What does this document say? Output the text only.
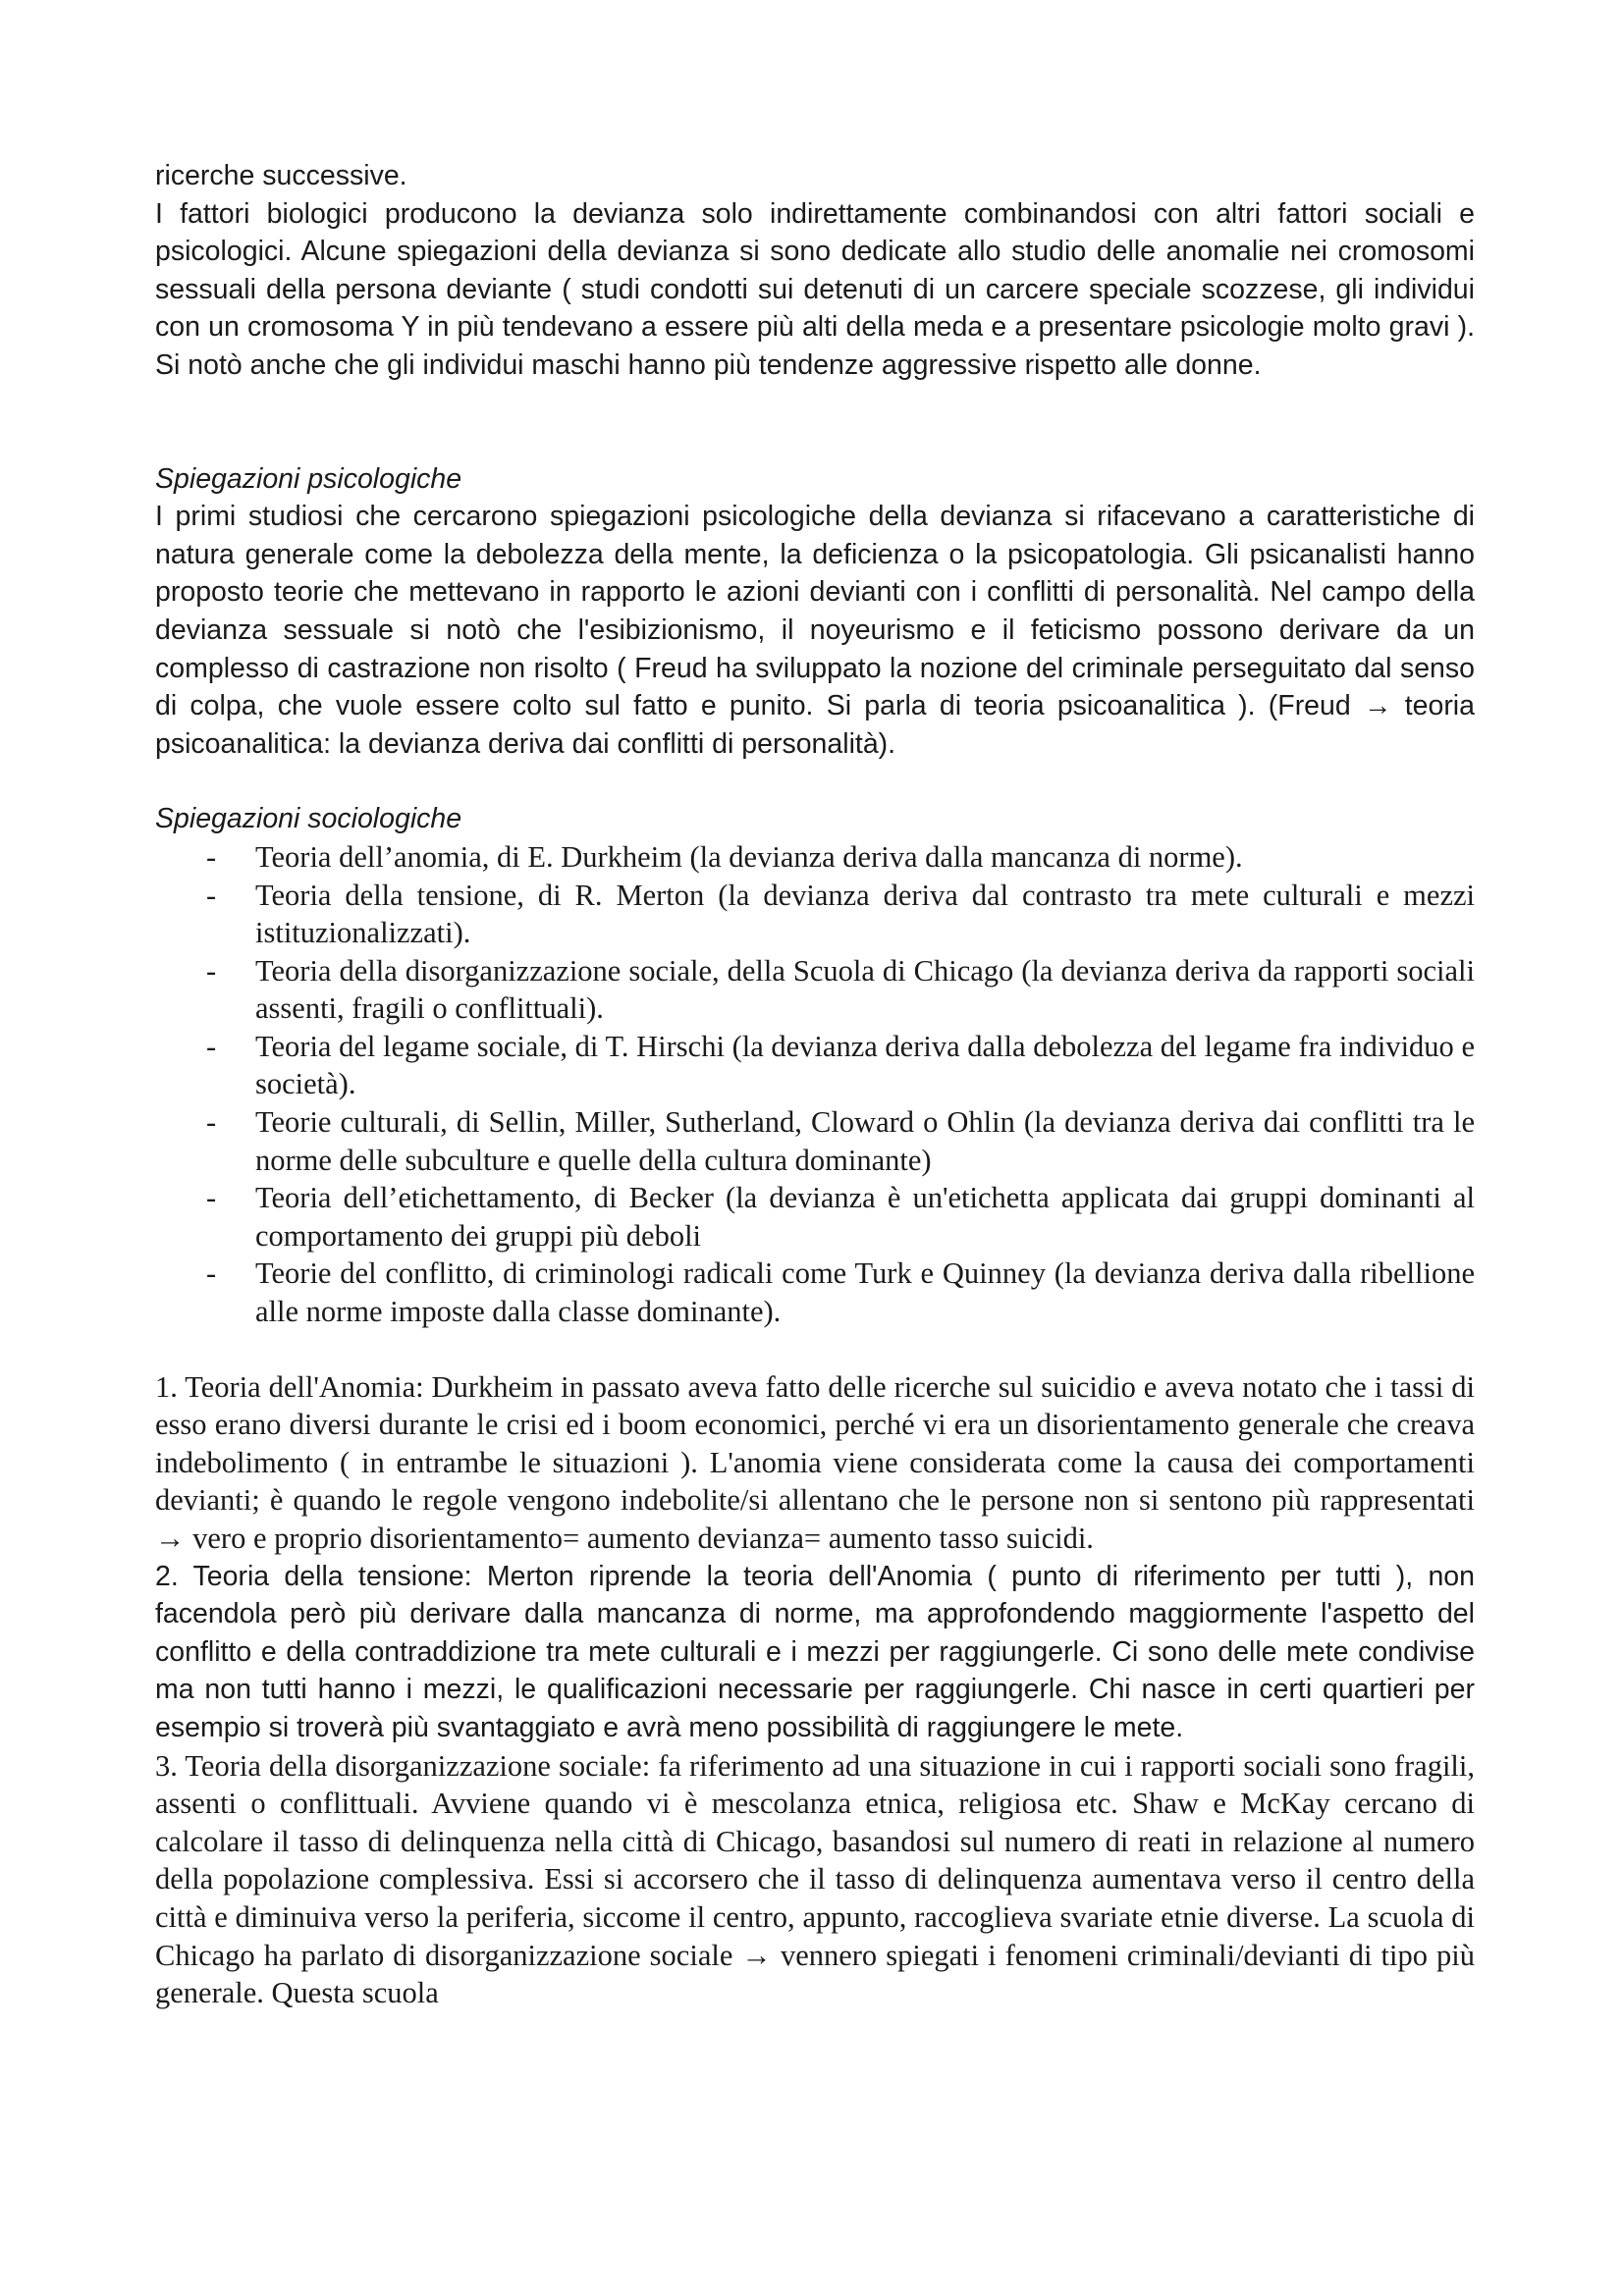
ricerche successive.

I fattori biologici producono la devianza solo indirettamente combinandosi con altri fattori sociali e psicologici. Alcune spiegazioni della devianza si sono dedicate allo studio delle anomalie nei cromosomi sessuali della persona deviante ( studi condotti sui detenuti di un carcere speciale scozzese, gli individui con un cromosoma Y in più tendevano a essere più alti della meda e a presentare psicologie molto gravi ). Si notò anche che gli individui maschi hanno più tendenze aggressive rispetto alle donne.

Spiegazioni psicologiche

I primi studiosi che cercarono spiegazioni psicologiche della devianza si rifacevano a caratteristiche di natura generale come la debolezza della mente, la deficienza o la psicopatologia. Gli psicanalisti hanno proposto teorie che mettevano in rapporto le azioni devianti con i conflitti di personalità. Nel campo della devianza sessuale si notò che l'esibizionismo, il noyeurismo e il feticismo possono derivare da un complesso di castrazione non risolto ( Freud ha sviluppato la nozione del criminale perseguitato dal senso di colpa, che vuole essere colto sul fatto e punito. Si parla di teoria psicoanalitica ). (Freud → teoria psicoanalitica: la devianza deriva dai conflitti di personalità).

Spiegazioni sociologiche

- Teoria dell’anomia, di E. Durkheim (la devianza deriva dalla mancanza di norme).
- Teoria della tensione, di R. Merton (la devianza deriva dal contrasto tra mete culturali e mezzi istituzionalizzati).
- Teoria della disorganizzazione sociale, della Scuola di Chicago (la devianza deriva da rapporti sociali assenti, fragili o conflittuali).
- Teoria del legame sociale, di T. Hirschi (la devianza deriva dalla debolezza del legame fra individuo e società).
- Teorie culturali, di Sellin, Miller, Sutherland, Cloward o Ohlin (la devianza deriva dai conflitti tra le norme delle subculture e quelle della cultura dominante)
- Teoria dell’etichettamento, di Becker (la devianza è un'etichetta applicata dai gruppi dominanti al comportamento dei gruppi più deboli
- Teorie del conflitto, di criminologi radicali come Turk e Quinney (la devianza deriva dalla ribellione alle norme imposte dalla classe dominante).

1. Teoria dell'Anomia: Durkheim in passato aveva fatto delle ricerche sul suicidio e aveva notato che i tassi di esso erano diversi durante le crisi ed i boom economici, perché vi era un disorientamento generale che creava indebolimento ( in entrambe le situazioni ). L'anomia viene considerata come la causa dei comportamenti devianti; è quando le regole vengono indebolite/si allentano che le persone non si sentono più rappresentati → vero e proprio disorientamento= aumento devianza= aumento tasso suicidi.

2. Teoria della tensione: Merton riprende la teoria dell'Anomia ( punto di riferimento per tutti ), non facendola però più derivare dalla mancanza di norme, ma approfondendo maggiormente l'aspetto del conflitto e della contraddizione tra mete culturali e i mezzi per raggiungerle. Ci sono delle mete condivise ma non tutti hanno i mezzi, le qualificazioni necessarie per raggiungerle. Chi nasce in certi quartieri per esempio si troverà più svantaggiato e avrà meno possibilità di raggiungere le mete.

3. Teoria della disorganizzazione sociale: fa riferimento ad una situazione in cui i rapporti sociali sono fragili, assenti o conflittuali. Avviene quando vi è mescolanza etnica, religiosa etc. Shaw e McKay cercano di calcolare il tasso di delinquenza nella città di Chicago, basandosi sul numero di reati in relazione al numero della popolazione complessiva. Essi si accorsero che il tasso di delinquenza aumentava verso il centro della città e diminuiva verso la periferia, siccome il centro, appunto, raccoglieva svariate etnie diverse. La scuola di Chicago ha parlato di disorganizzazione sociale → vennero spiegati i fenomeni criminali/devianti di tipo più generale. Questa scuola
